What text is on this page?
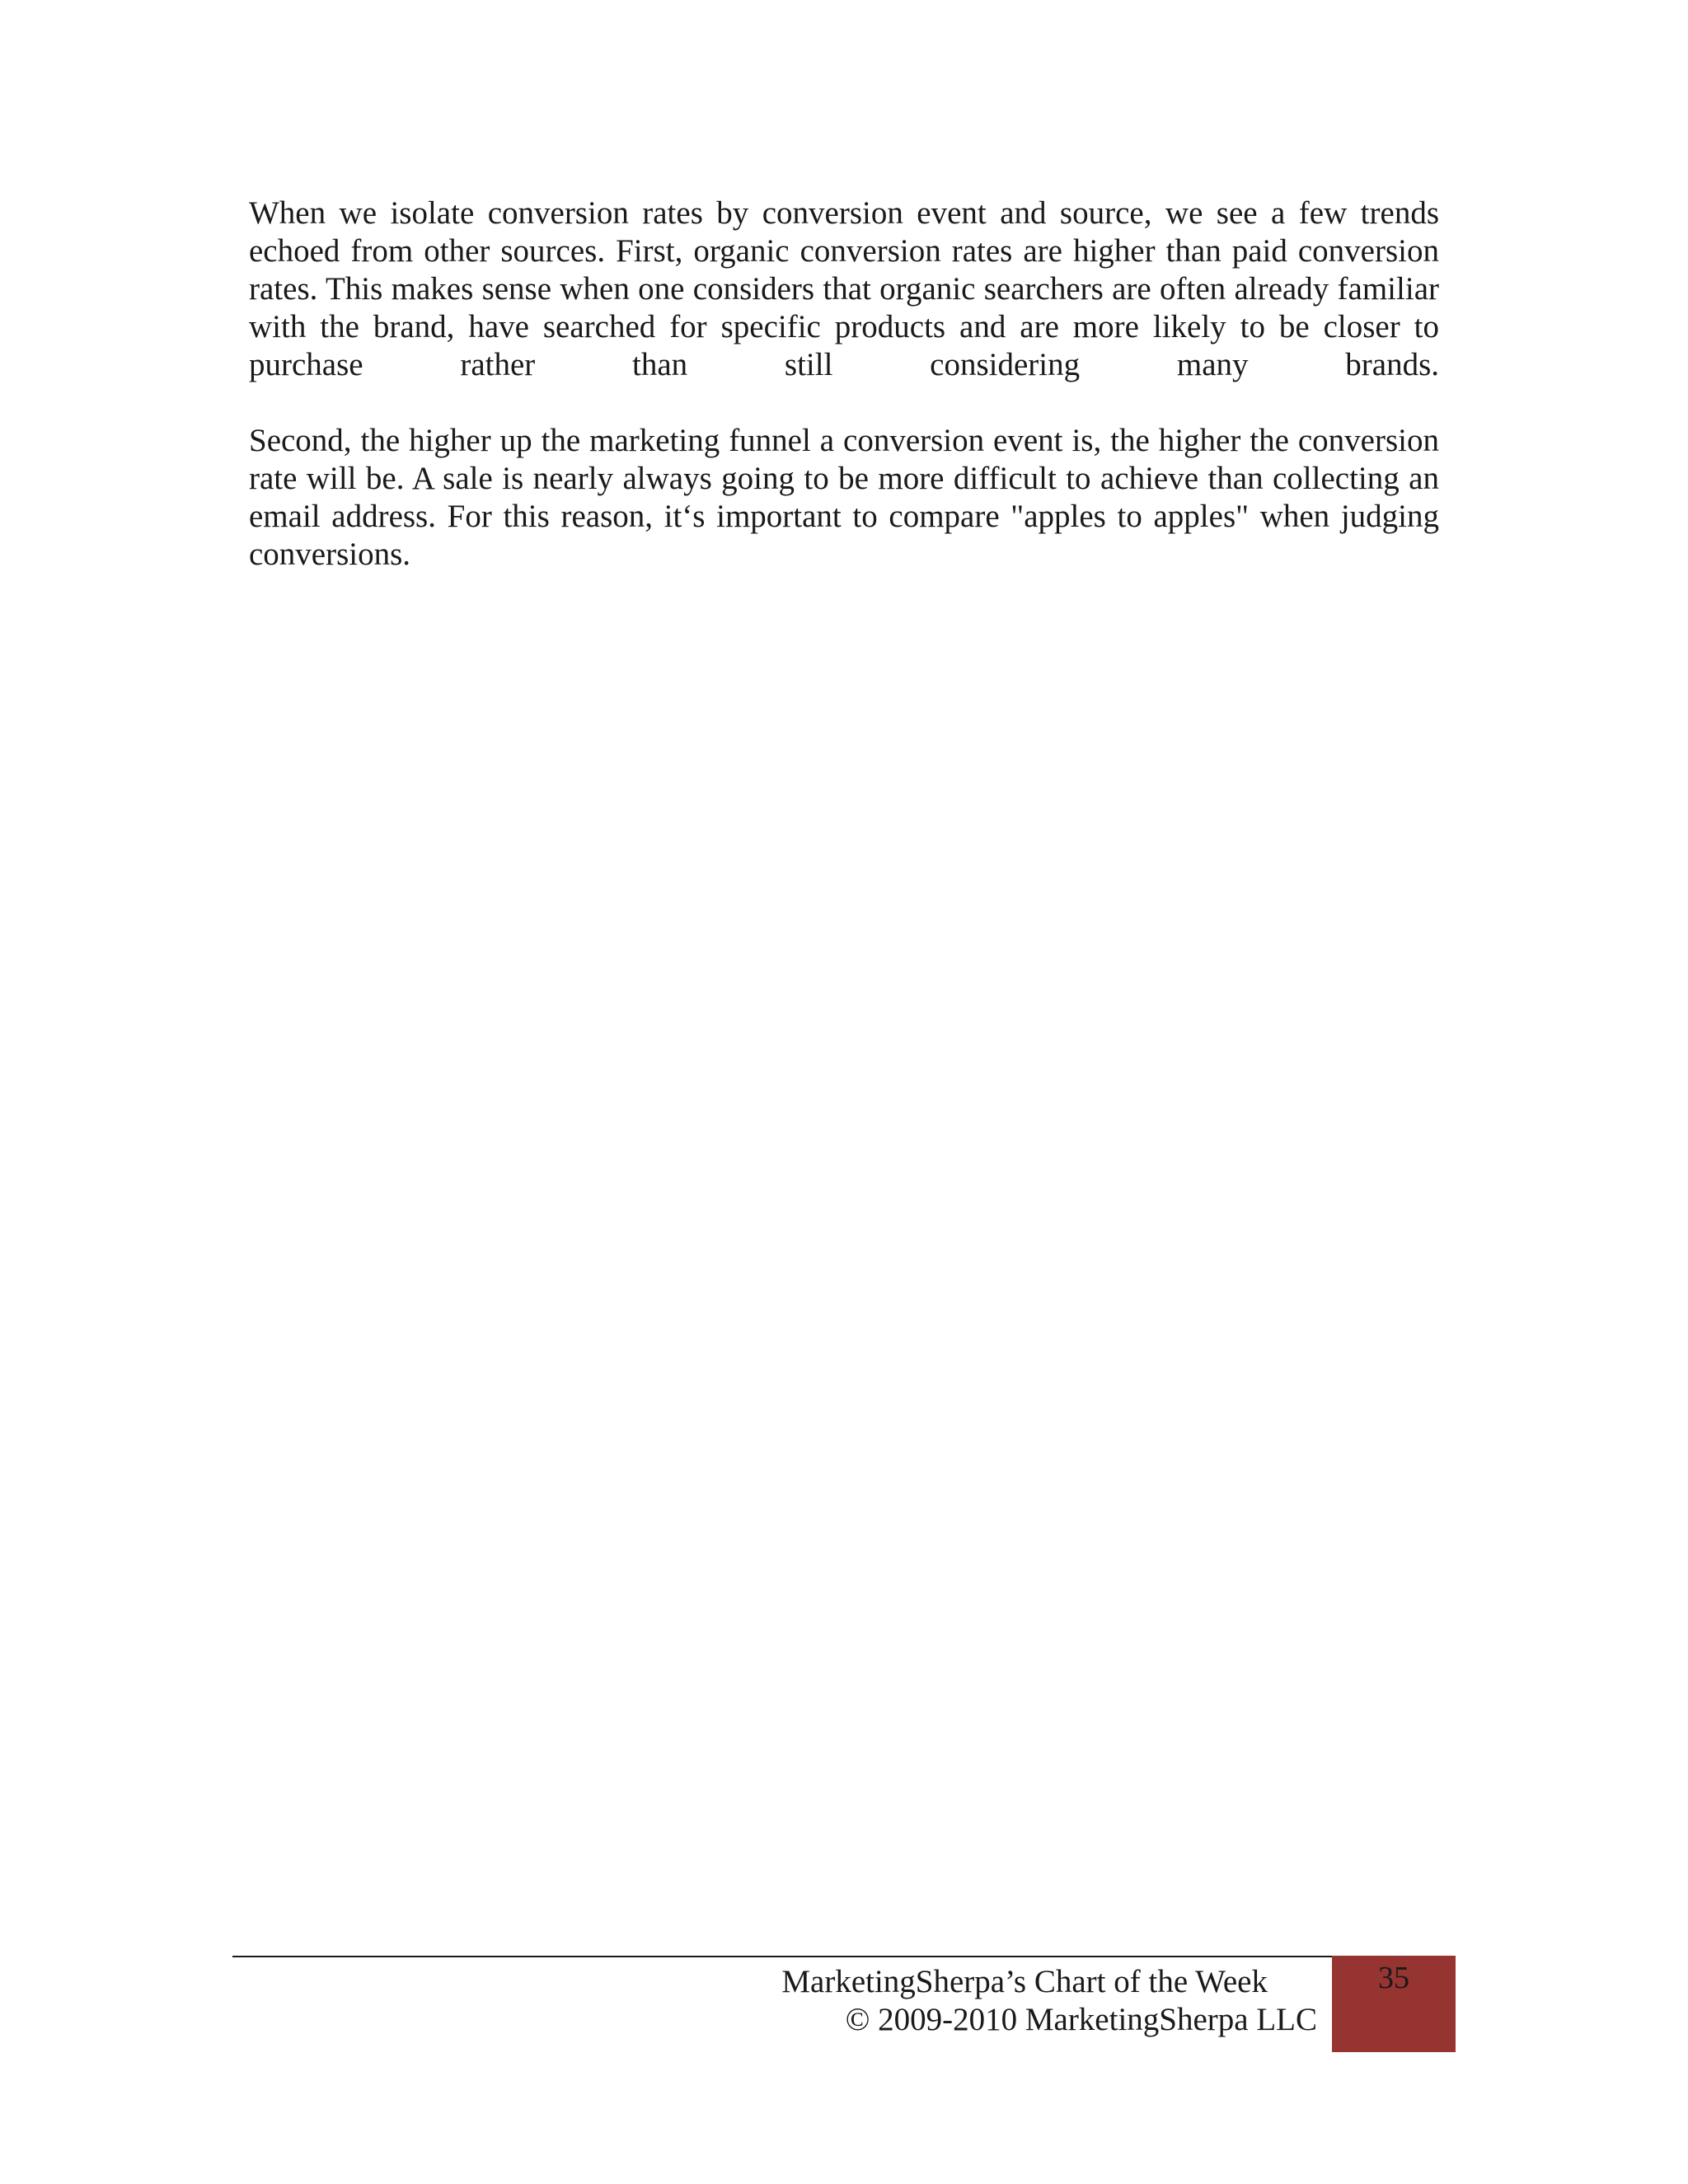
When we isolate conversion rates by conversion event and source, we see a few trends echoed from other sources. First, organic conversion rates are higher than paid conversion rates. This makes sense when one considers that organic searchers are often already familiar with the brand, have searched for specific products and are more likely to be closer to purchase rather than still considering many brands.

Second, the higher up the marketing funnel a conversion event is, the higher the conversion rate will be. A sale is nearly always going to be more difficult to achieve than collecting an email address. For this reason, it‘s important to compare "apples to apples" when judging conversions.

MarketingSherpa’s Chart of the Week
© 2009-2010 MarketingSherpa LLC
35
